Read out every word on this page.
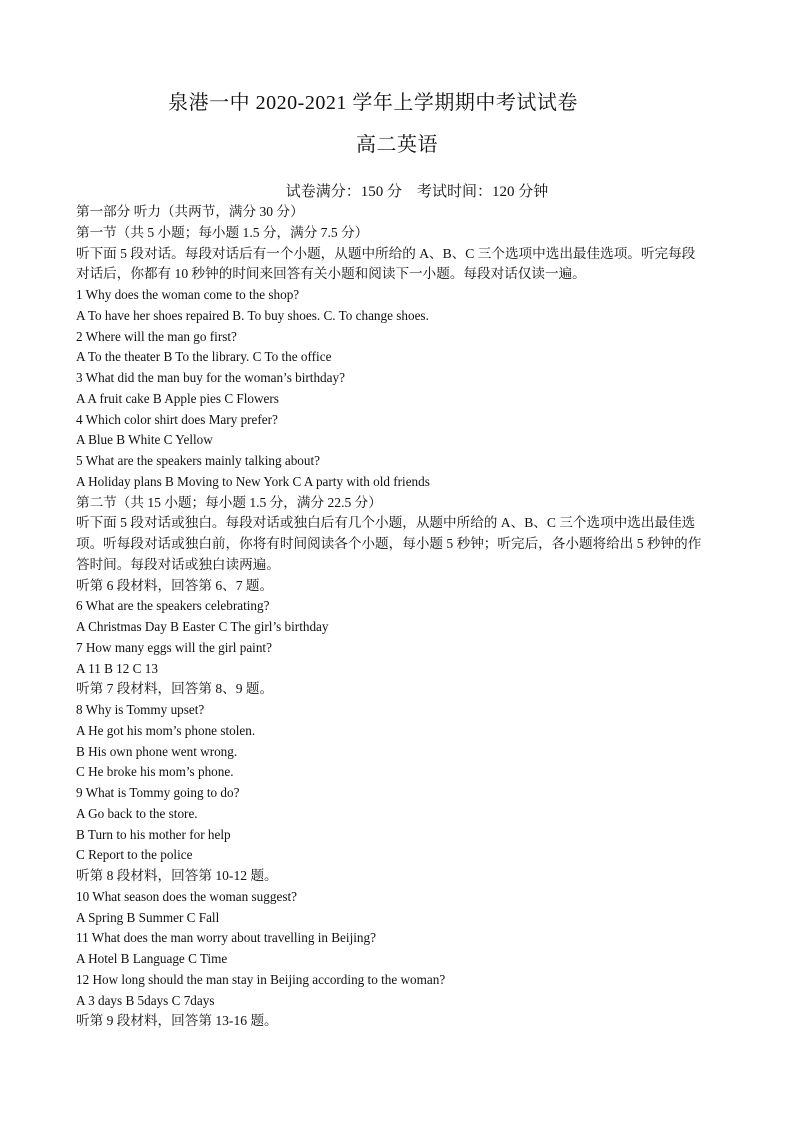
泉港一中 2020-2021 学年上学期期中考试试卷
高二英语
试卷满分：150 分　考试时间：120 分钟
第一部分 听力（共两节，满分 30 分）
第一节（共 5 小题；每小题 1.5 分，满分 7.5 分）
听下面 5 段对话。每段对话后有一个小题，从题中所给的 A、B、C 三个选项中选出最佳选项。听完每段
对话后，你都有 10 秒钟的时间来回答有关小题和阅读下一小题。每段对话仅读一遍。
1 Why does the woman come to the shop?
A To have her shoes repaired B. To buy shoes. C. To change shoes.
2 Where will the man go first?
A To the theater B To the library. C To the office
3 What did the man buy for the woman’s birthday?
A A fruit cake B Apple pies C Flowers
4 Which color shirt does Mary prefer?
A Blue B White C Yellow
5 What are the speakers mainly talking about?
A Holiday plans B Moving to New York C A party with old friends
第二节（共 15 小题；每小题 1.5 分，满分 22.5 分）
听下面 5 段对话或独白。每段对话或独白后有几个小题，从题中所给的 A、B、C 三个选项中选出最佳选
项。听每段对话或独白前，你将有时间阅读各个小题，每小题 5 秒钟；听完后，各小题将给出 5 秒钟的作
答时间。每段对话或独白读两遍。
听第 6 段材料，回答第 6、7 题。
6 What are the speakers celebrating?
A Christmas Day B Easter C The girl’s birthday
7 How many eggs will the girl paint?
A 11 B 12 C 13
听第 7 段材料，回答第 8、9 题。
8 Why is Tommy upset?
A He got his mom’s phone stolen.
B His own phone went wrong.
C He broke his mom’s phone.
9 What is Tommy going to do?
A Go back to the store.
B Turn to his mother for help
C Report to the police
听第 8 段材料，回答第 10-12 题。
10 What season does the woman suggest?
A Spring B Summer C Fall
11 What does the man worry about travelling in Beijing?
A Hotel B Language C Time
12 How long should the man stay in Beijing according to the woman?
A 3 days B 5days C 7days
听第 9 段材料，回答第 13-16 题。
